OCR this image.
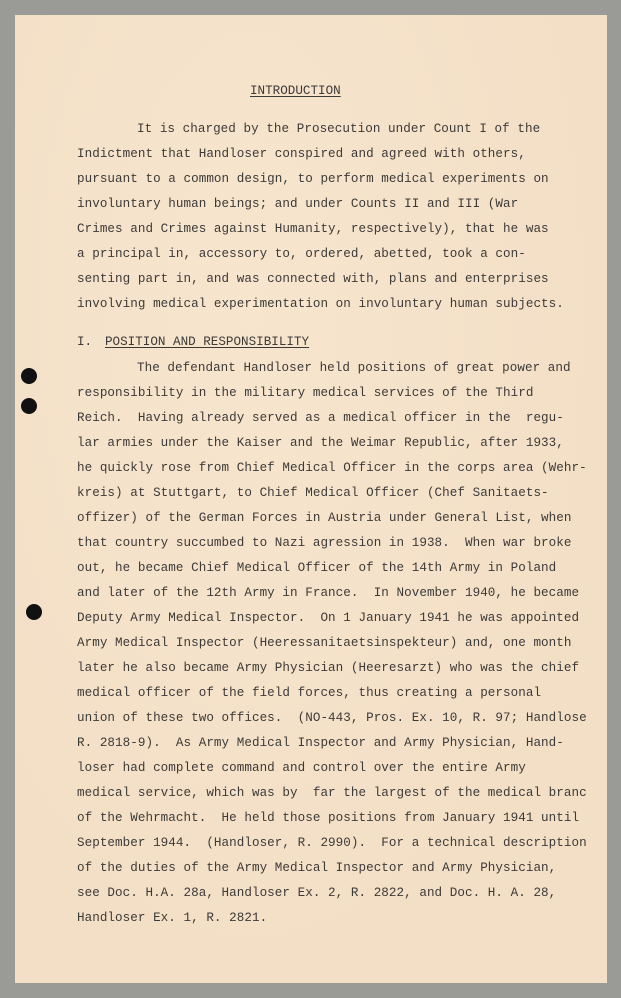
INTRODUCTION
It is charged by the Prosecution under Count I of the
Indictment that Handloser conspired and agreed with others,
pursuant to a common design, to perform medical experiments on
involuntary human beings; and under Counts II and III (War
Crimes and Crimes against Humanity, respectively), that he was
a principal in, accessory to, ordered, abetted, took a con-
senting part in, and was connected with, plans and enterprises
involving medical experimentation on involuntary human subjects.
I. POSITION AND RESPONSIBILITY
The defendant Handloser held positions of great power and
responsibility in the military medical services of the Third
Reich.  Having already served as a medical officer in the  regu-
lar armies under the Kaiser and the Weimar Republic, after 1933,
he quickly rose from Chief Medical Officer in the corps area (Wehr-
kreis) at Stuttgart, to Chief Medical Officer (Chef Sanitaets-
offizer) of the German Forces in Austria under General List, when
that country succumbed to Nazi agression in 1938.  When war broke
out, he became Chief Medical Officer of the 14th Army in Poland
and later of the 12th Army in France.  In November 1940, he became
Deputy Army Medical Inspector.  On 1 January 1941 he was appointed
Army Medical Inspector (Heeressanitaetsinspekteur) and, one month
later he also became Army Physician (Heeresarzt) who was the chief
medical officer of the field forces, thus creating a personal
union of these two offices.  (NO-443, Pros. Ex. 10, R. 97; Handlose
R. 2818-9).  As Army Medical Inspector and Army Physician, Hand-
loser had complete command and control over the entire Army
medical service, which was by  far the largest of the medical branc
of the Wehrmacht.  He held those positions from January 1941 until
September 1944.  (Handloser, R. 2990).  For a technical description
of the duties of the Army Medical Inspector and Army Physician,
see Doc. H.A. 28a, Handloser Ex. 2, R. 2822, and Doc. H. A. 28,
Handloser Ex. 1, R. 2821.
